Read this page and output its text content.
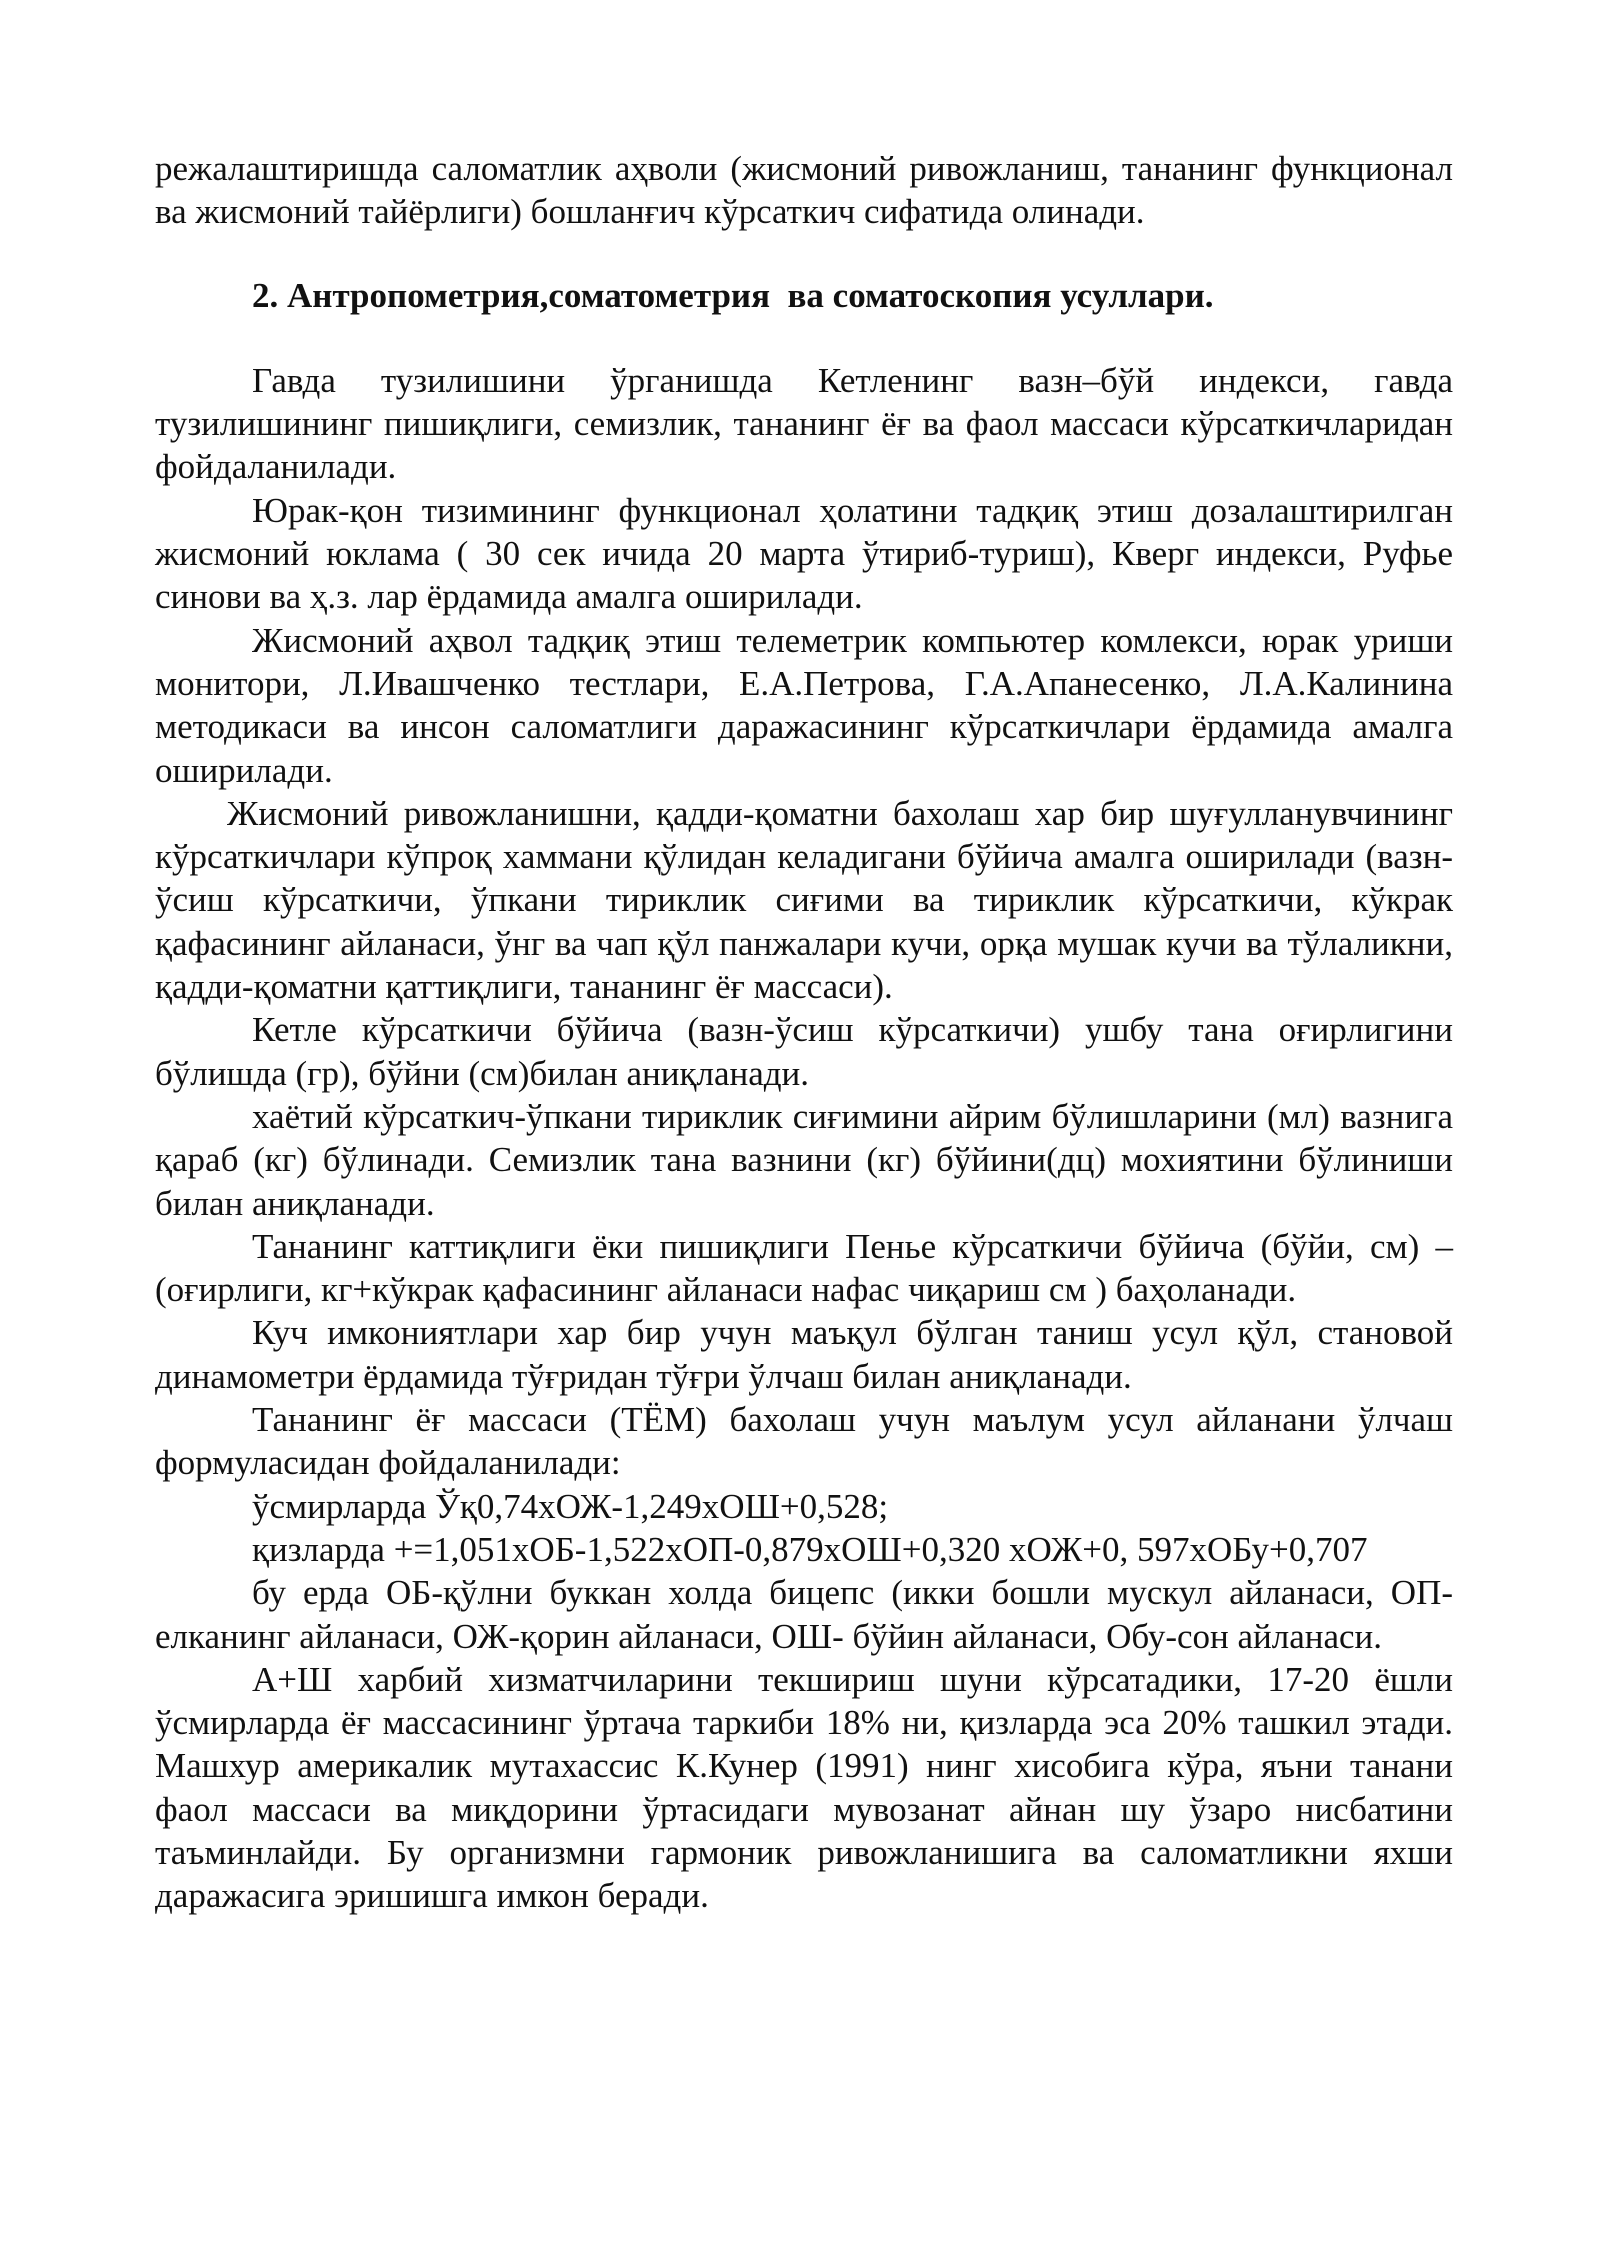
режалаштиришда саломатлик аҳволи (жисмоний ривожланиш, тананинг функционал ва жисмоний тайёрлиги) бошланғич кўрсаткич сифатида олинади.

2. Антропометрия,соматометрия  ва соматоскопия усуллари.

Гавда тузилишини ўрганишда Кетленинг вазн–бўй индекси, гавда тузилишининг пишиқлиги, семизлик, тананинг ёғ ва фаол массаси кўрсаткичларидан фойдаланилади.

Юрак-қон тизимининг функционал ҳолатини тадқиқ этиш дозалаштирилган жисмоний юклама ( 30 сек ичида 20 марта ўтириб-туриш), Кверг индекси, Руфье синови ва ҳ.з. лар ёрдамида амалга оширилади.

Жисмоний аҳвол тадқиқ этиш телеметрик компьютер комлекси, юрак уриши монитори, Л.Ивашченко тестлари, Е.А.Петрова, Г.А.Апанесенко, Л.А.Калинина методикаси ва инсон саломатлиги даражасининг кўрсаткичлари ёрдамида амалга оширилади.

Жисмоний ривожланишни, қадди-қоматни бахолаш хар бир шуғулланувчининг кўрсаткичлари кўпроқ хаммани қўлидан келадигани бўйича амалга оширилади (вазн-ўсиш кўрсаткичи, ўпкани тириклик сиғими ва тириклик кўрсаткичи, кўкрак қафасининг айланаси, ўнг ва чап қўл панжалари кучи, орқа мушак кучи ва тўлаликни, қадди-қоматни қаттиқлиги, тананинг ёғ массаси).

Кетле кўрсаткичи бўйича (вазн-ўсиш кўрсаткичи) ушбу тана оғирлигини бўлишда (гр), бўйни (см)билан аниқланади.

хаётий кўрсаткич-ўпкани тириклик сиғимини айрим бўлишларини (мл) вазнига қараб (кг) бўлинади. Семизлик тана вазнини (кг) бўйини(дц) мохиятини бўлиниши билан аниқланади.

Тананинг каттиқлиги ёки пишиқлиги Пенье кўрсаткичи бўйича (бўйи, см) – (оғирлиги, кг+кўкрак қафасининг айланаси нафас чиқариш см ) баҳоланади.

Куч имкониятлари хар бир учун маъқул бўлган таниш усул қўл, становой динамометри ёрдамида тўғридан тўғри ўлчаш билан аниқланади.

Тананинг ёғ массаси (ТЁМ) бахолаш учун маълум усул айланани ўлчаш формуласидан фойдаланилади:

ўсмирларда Ўқ0,74хОЖ-1,249хОШ+0,528;

қизларда +=1,051хОБ-1,522хОП-0,879хОШ+0,320 хОЖ+0, 597хОБу+0,707

бу ерда ОБ-қўлни буккан холда бицепс (икки бошли мускул айланаси, ОП-елканинг айланаси, ОЖ-қорин айланаси, ОШ- бўйин айланаси, Обу-сон айланаси.

А+Ш харбий хизматчиларини текшириш шуни кўрсатадики, 17-20 ёшли ўсмирларда ёғ массасининг ўртача таркиби 18% ни, қизларда эса 20% ташкил этади. Машхур америкалик мутахассис К.Кунер (1991) нинг хисобига кўра, яъни танани фаол массаси ва миқдорини ўртасидаги мувозанат айнан шу ўзаро нисбатини таъминлайди. Бу организмни гармоник ривожланишига ва саломатликни яхши даражасига эришишга имкон беради.
